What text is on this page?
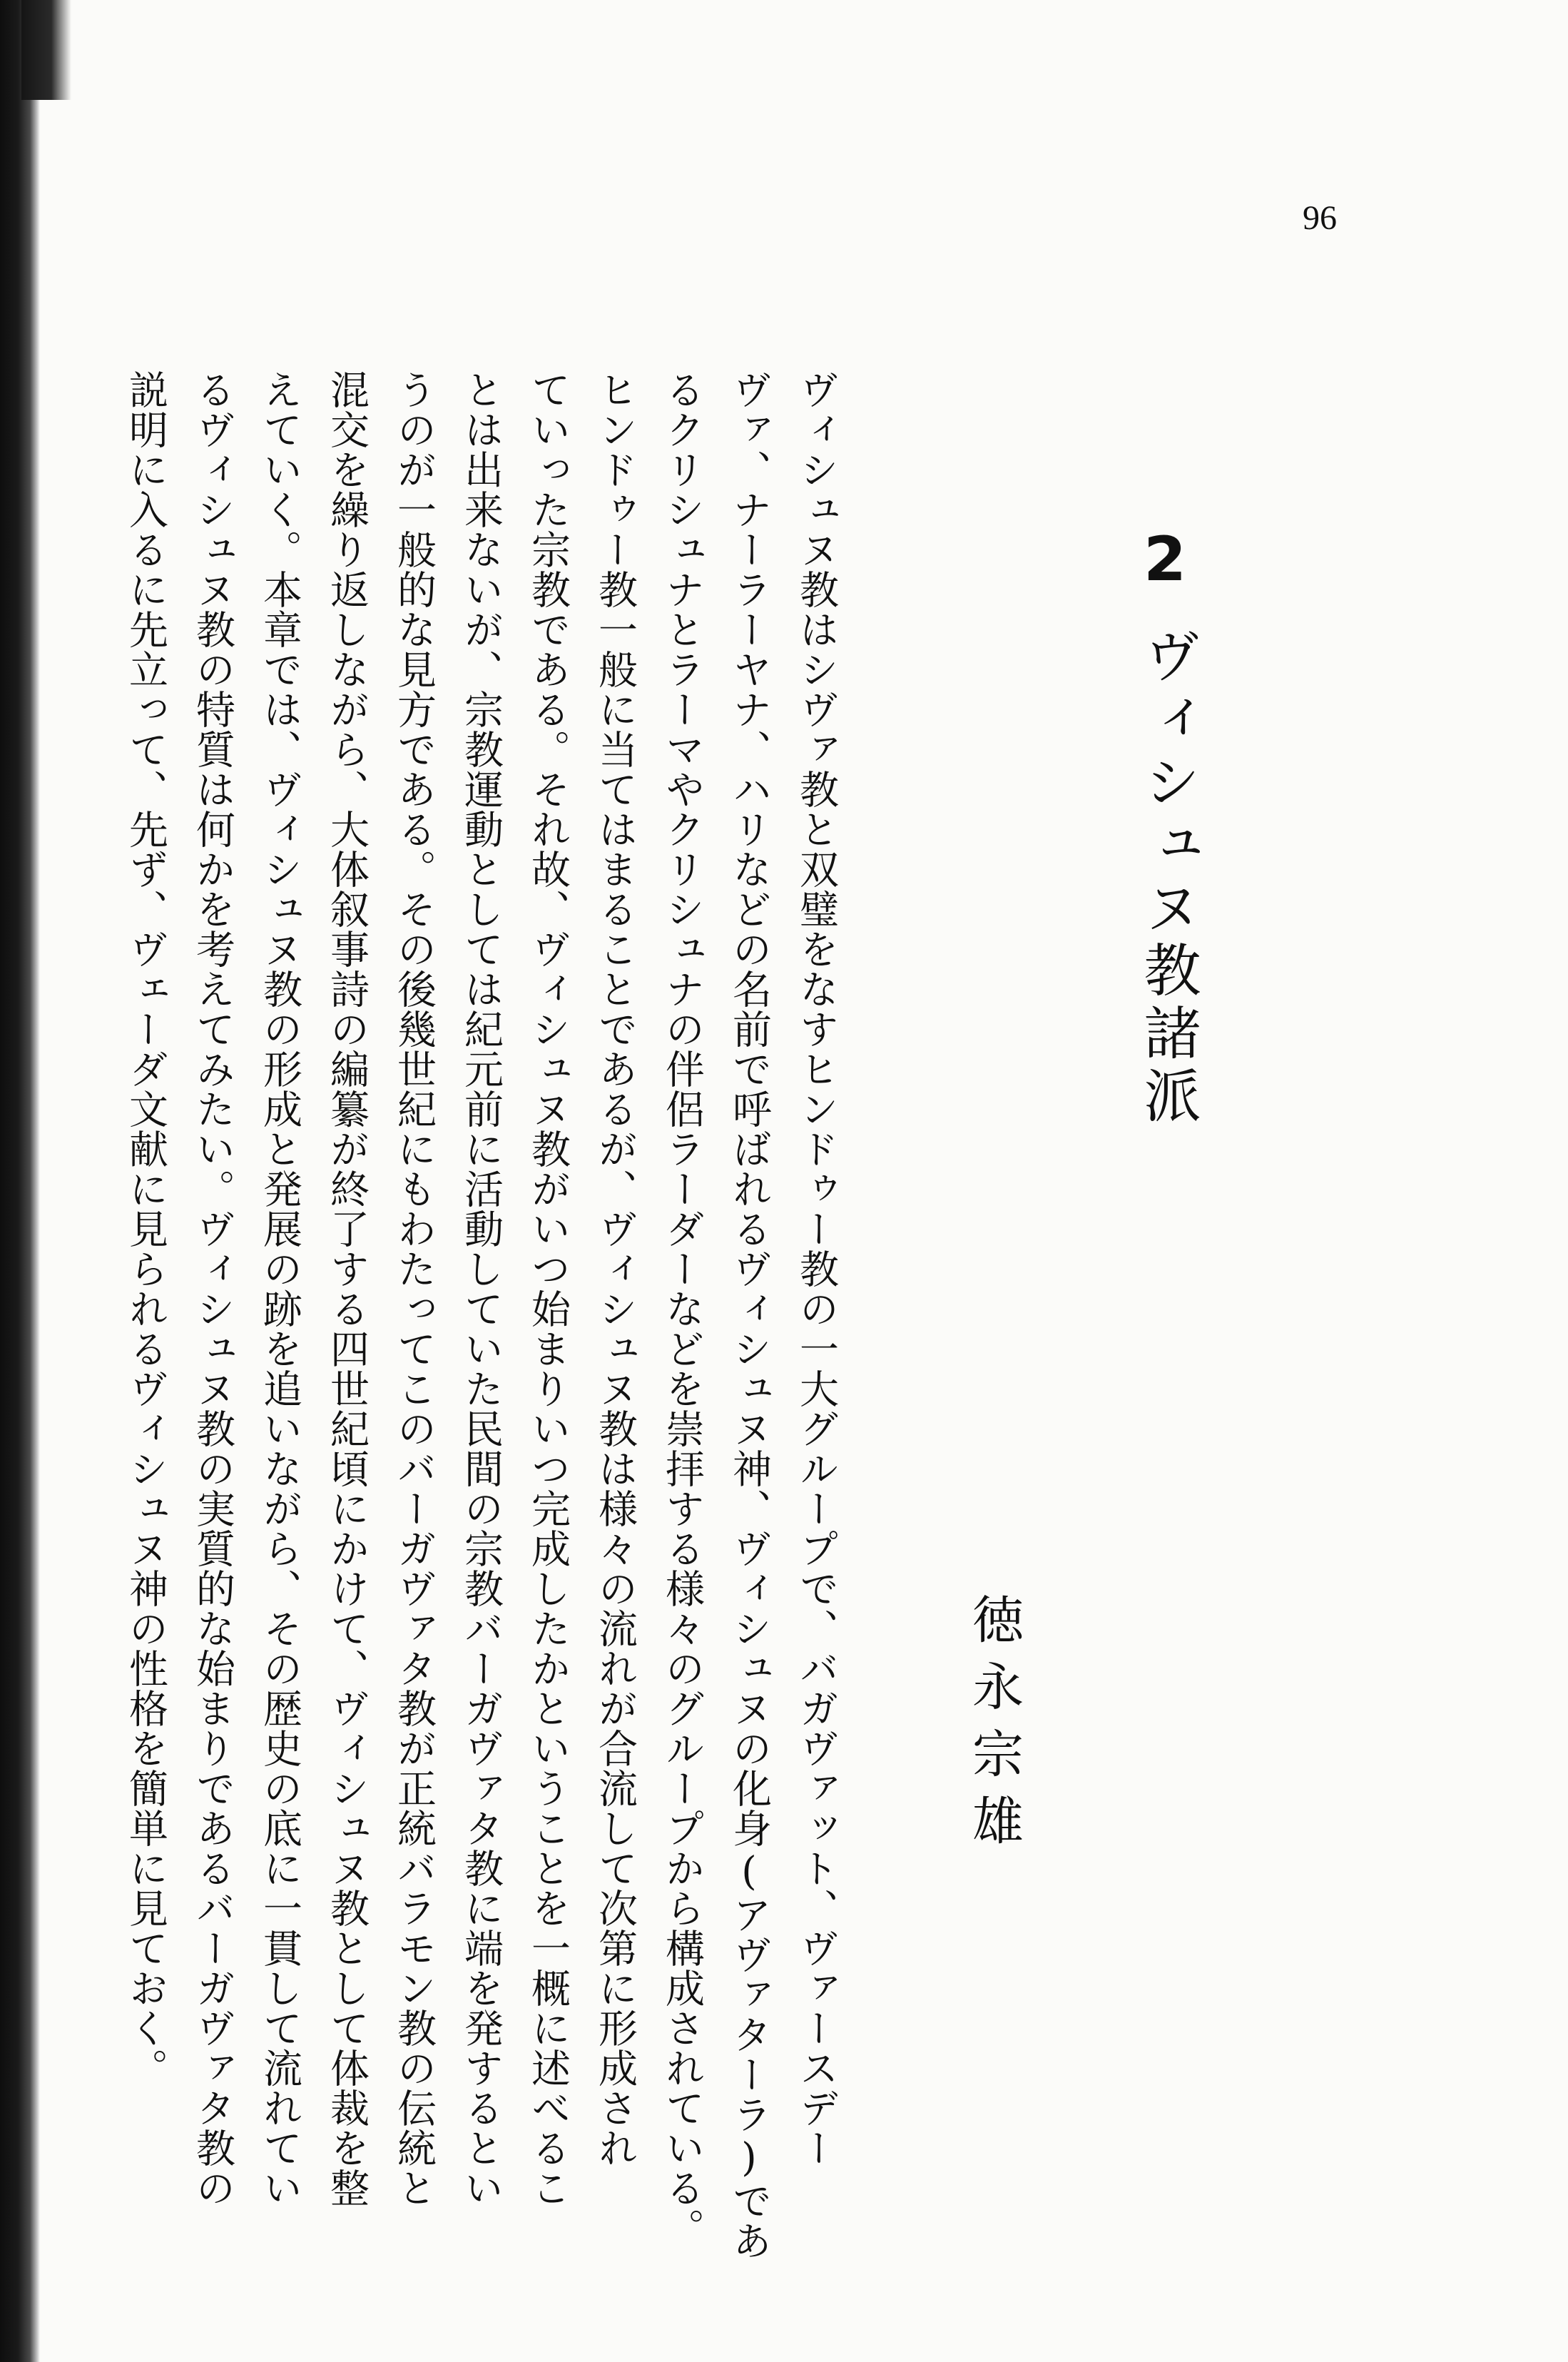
96
2
ヴィシュヌ教諸派
徳永宗雄
ヴィシュヌ教はシヴァ教と双璧をなすヒンドゥー教の一大グループで、バガヴァット、ヴァースデー
ヴァ、ナーラーヤナ、ハリなどの名前で呼ばれるヴィシュヌ神、ヴィシュヌの化身(アヴァターラ)であ
るクリシュナとラーマやクリシュナの伴侶ラーダーなどを崇拝する様々のグループから構成されている。
ヒンドゥー教一般に当てはまることであるが、ヴィシュヌ教は様々の流れが合流して次第に形成され
ていった宗教である。それ故、ヴィシュヌ教がいつ始まりいつ完成したかということを一概に述べるこ
とは出来ないが、宗教運動としては紀元前に活動していた民間の宗教バーガヴァタ教に端を発するとい
うのが一般的な見方である。その後幾世紀にもわたってこのバーガヴァタ教が正統バラモン教の伝統と
混交を繰り返しながら、大体叙事詩の編纂が終了する四世紀頃にかけて、ヴィシュヌ教として体裁を整
えていく。本章では、ヴィシュヌ教の形成と発展の跡を追いながら、その歴史の底に一貫して流れてい
るヴィシュヌ教の特質は何かを考えてみたい。ヴィシュヌ教の実質的な始まりであるバーガヴァタ教の
説明に入るに先立って、先ず、ヴェーダ文献に見られるヴィシュヌ神の性格を簡単に見ておく。
